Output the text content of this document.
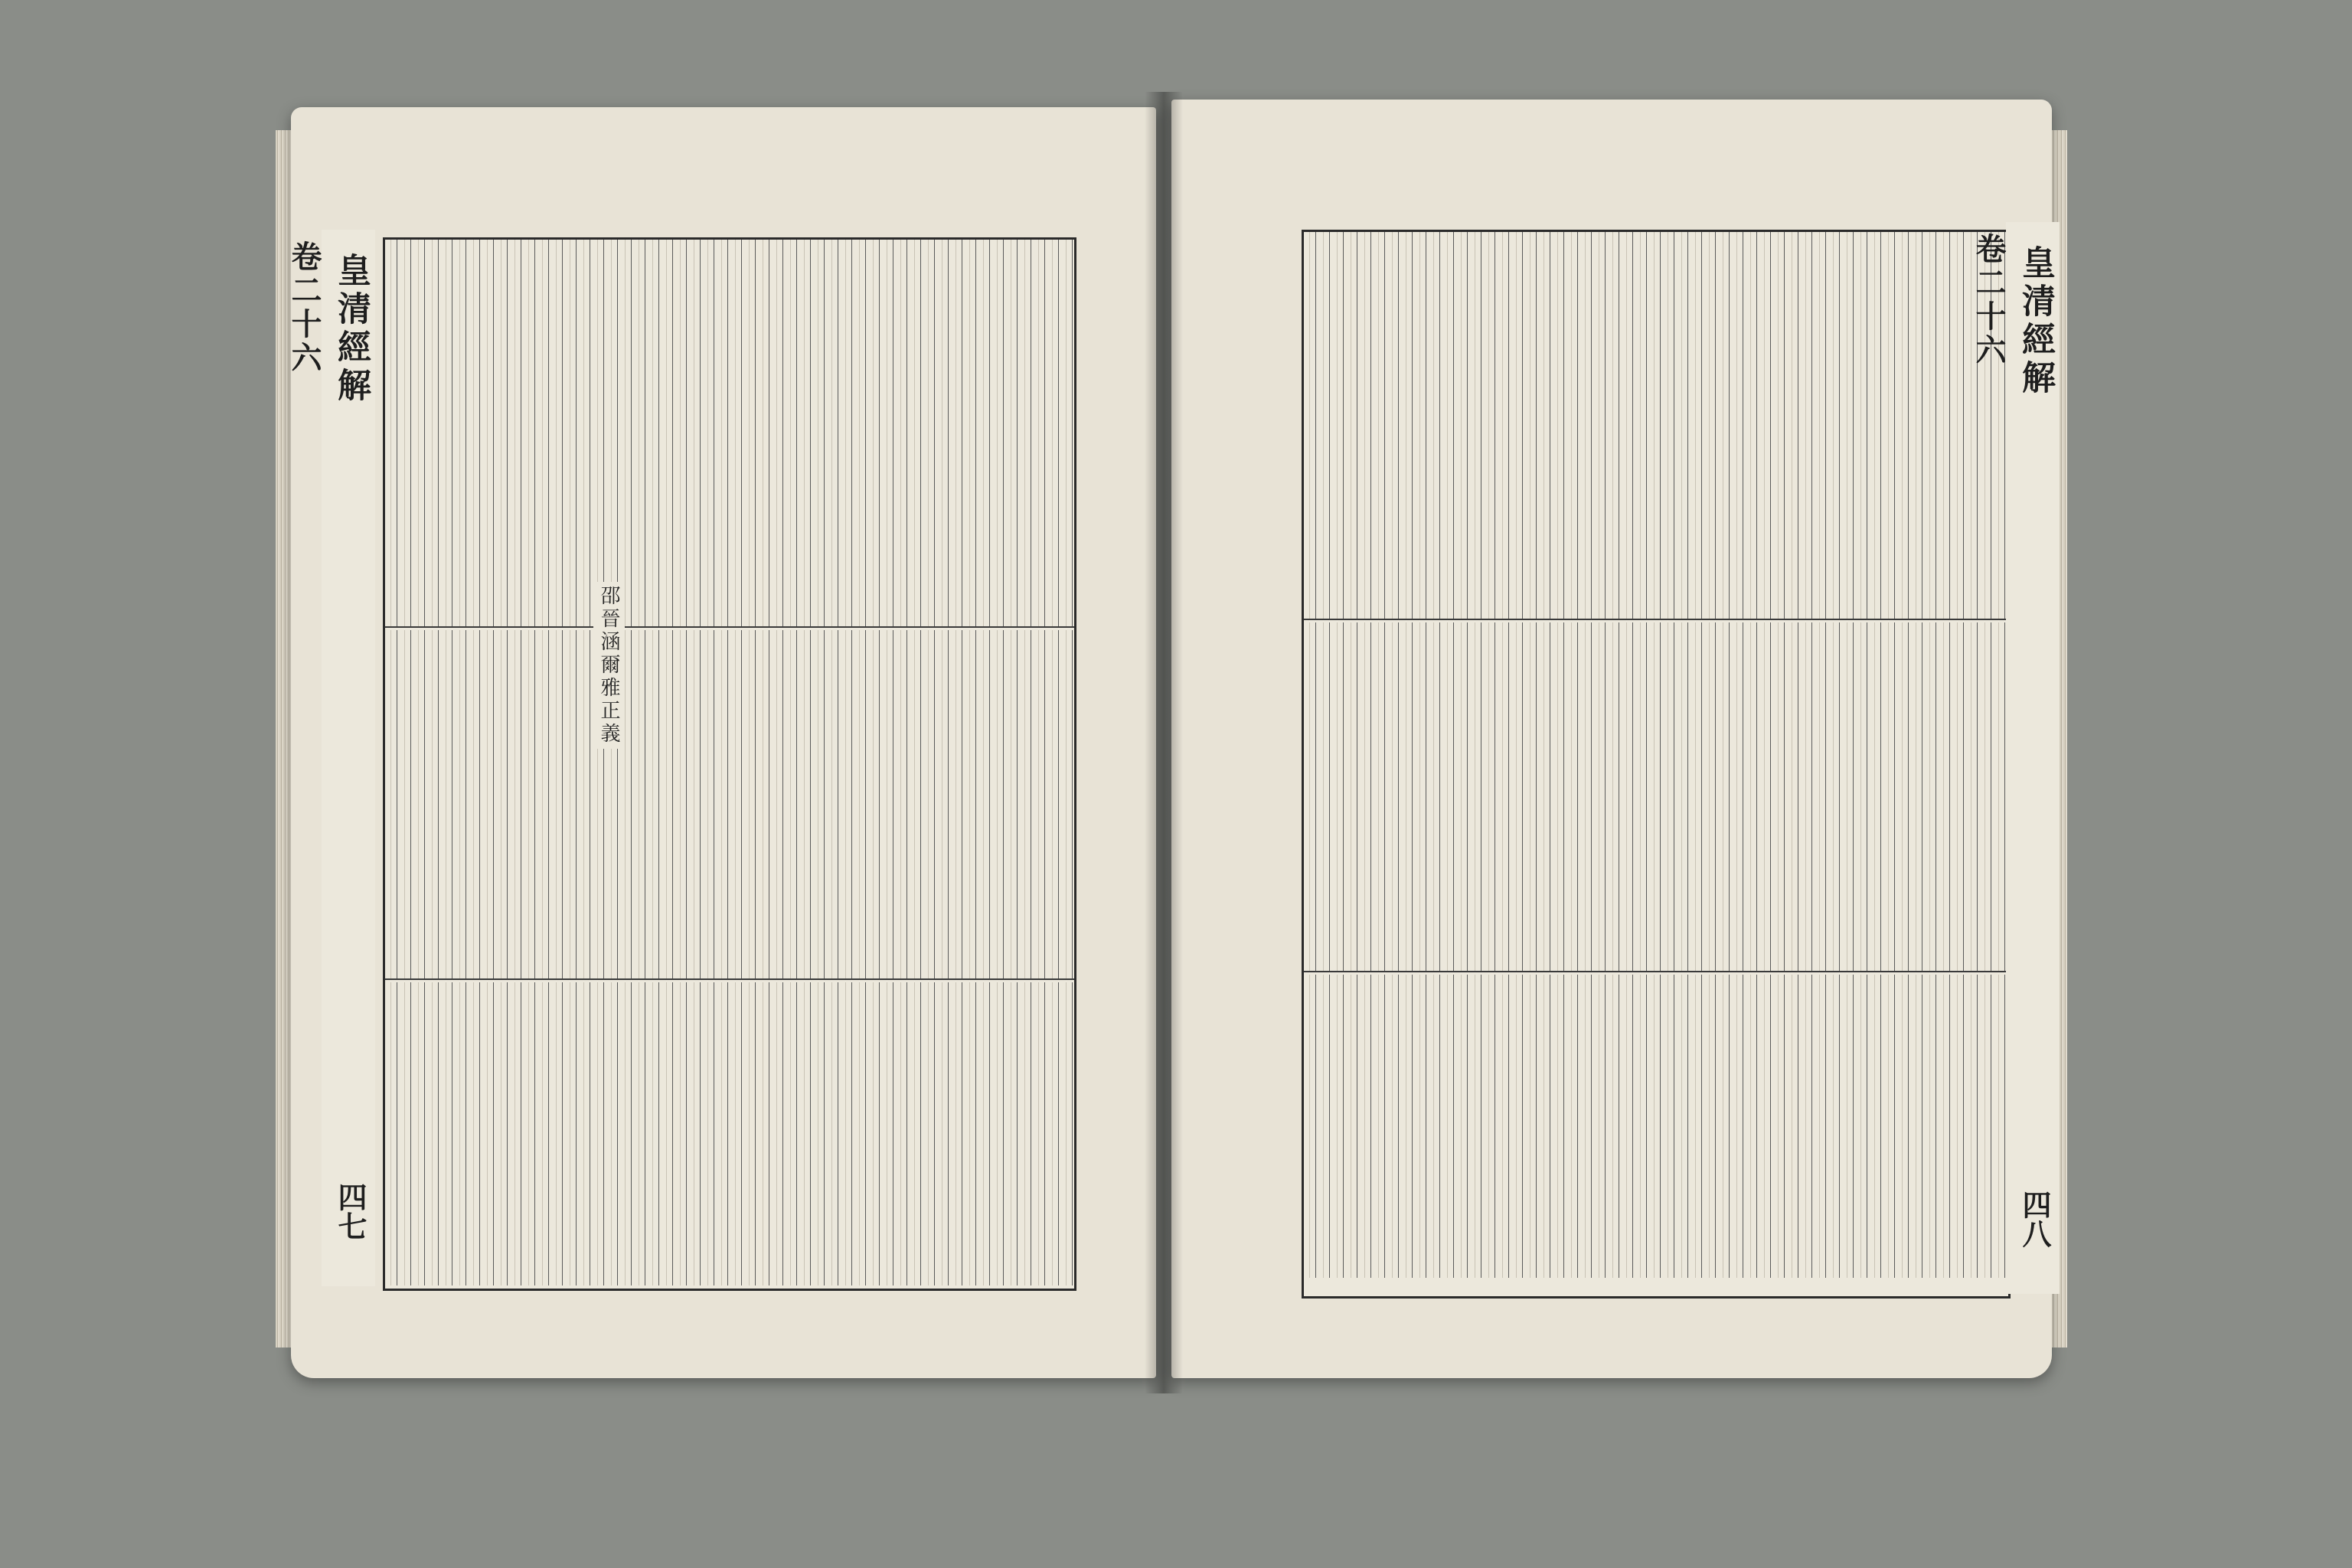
皇清經解
卷二十六
四七
邵晉涵爾雅正義
皇清經解
卷二十六
四八
